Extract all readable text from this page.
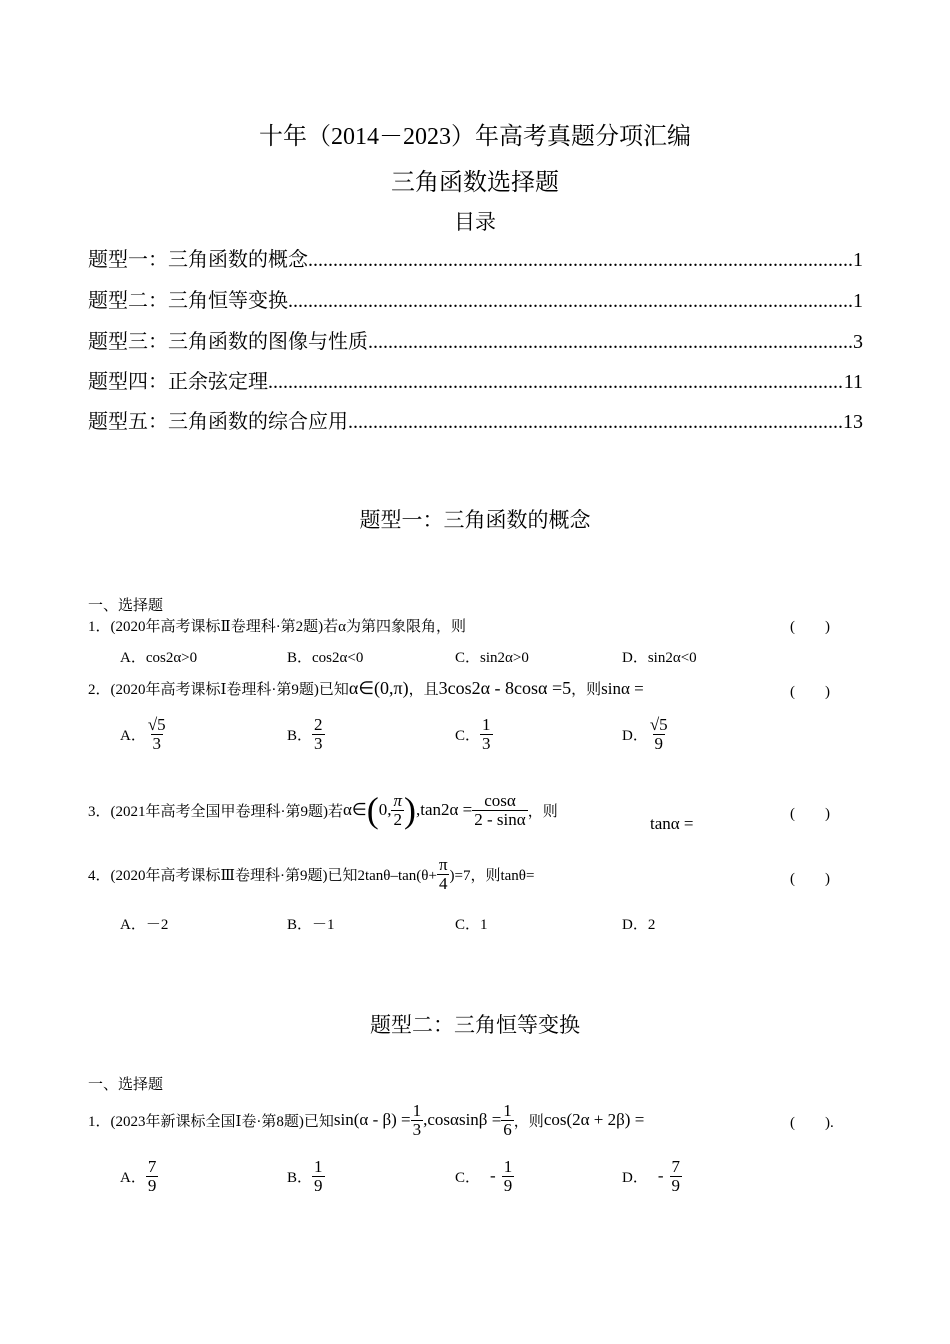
十年（2014－2023）年高考真题分项汇编
三角函数选择题
目录
题型一：三角函数的概念 .....	1
题型二：三角恒等变换 .....	1
题型三：三角函数的图像与性质 .....	3
题型四：正余弦定理 .....	11
题型五：三角函数的综合应用 .....	13
题型一：三角函数的概念
一、选择题
1．(2020年高考课标Ⅱ卷理科·第2题)若α为第四象限角，则	(　　)
A．cos2α>0	B．cos2α<0	C．sin2α>0	D．sin2α<0
2．(2020年高考课标Ⅰ卷理科·第9题)已知 α∈(0,π) ，且 3cos2α - 8cosα =5 ，则 sinα =	(　　)
A． $\frac{√5}{3}$	B． $\frac{2}{3}$	C． $\frac{1}{3}$	D． $\frac{√5}{9}$
3．(2021年高考全国甲卷理科·第9题)若 α∈ ( 0, $\frac{\pi}{2}$ ) $,\tan 2\alpha = \frac{\cos\alpha}{2 - \sin\alpha}$ ，则
tanα =	(　　)
4．(2020年高考课标Ⅲ卷理科·第9题)已知$2\tan\theta-\tan(\theta+ \frac{\pi}{4} )=7$，则tanθ=	(　　)
A．－2	B．－1	C．1	D．2
题型二：三角恒等变换
一、选择题
1．(2023年新课标全国Ⅰ卷·第8题)已知 $\sin(\alpha - \beta) = \frac{1}{3} ,\cos\alpha\sin\beta = \frac{1}{6}$ ，则 cos(2α + 2β) =	(　　).
A． $\frac{7}{9}$	B． $\frac{1}{9}$	C． - $\frac{1}{9}$	D． - $\frac{7}{9}$
